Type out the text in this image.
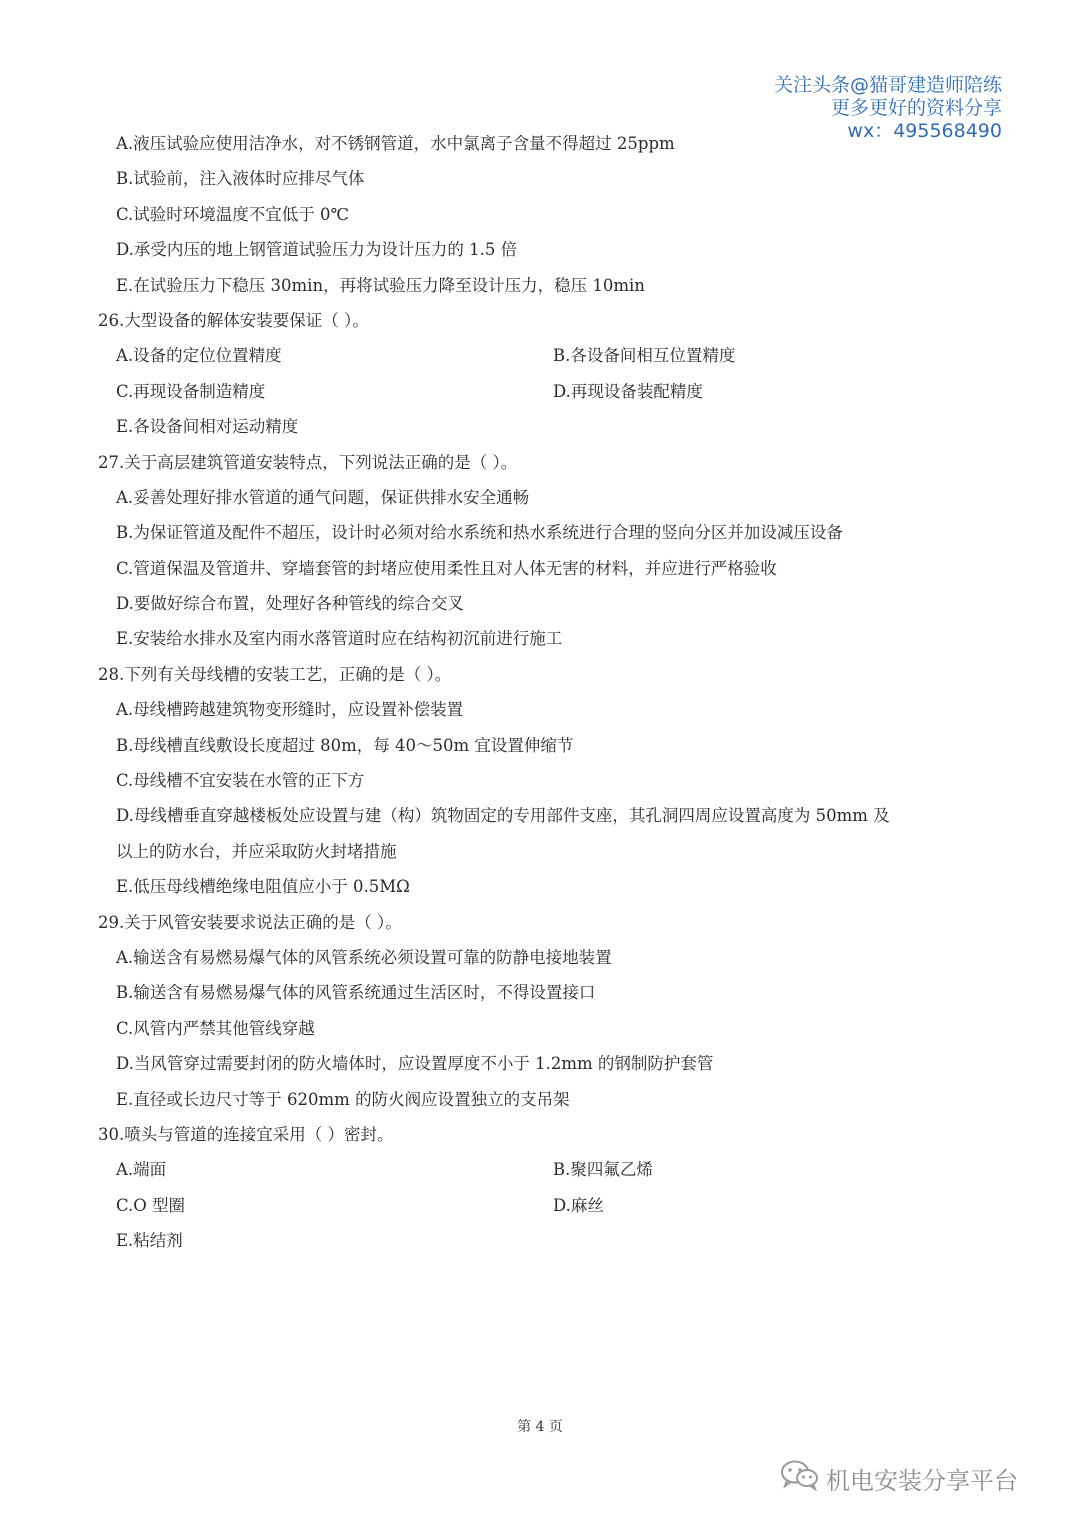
关注头条@猫哥建造师陪练
更多更好的资料分享
wx：495568490
A.液压试验应使用洁净水，对不锈钢管道，水中氯离子含量不得超过 25ppm
B.试验前，注入液体时应排尽气体
C.试验时环境温度不宜低于 0℃
D.承受内压的地上钢管道试验压力为设计压力的 1.5 倍
E.在试验压力下稳压 30min，再将试验压力降至设计压力，稳压 10min
26.大型设备的解体安装要保证（ ）。
A.设备的定位位置精度	B.各设备间相互位置精度
C.再现设备制造精度	D.再现设备装配精度
E.各设备间相对运动精度
27.关于高层建筑管道安装特点，下列说法正确的是（ ）。
A.妥善处理好排水管道的通气问题，保证供排水安全通畅
B.为保证管道及配件不超压，设计时必须对给水系统和热水系统进行合理的竖向分区并加设减压设备
C.管道保温及管道井、穿墙套管的封堵应使用柔性且对人体无害的材料，并应进行严格验收
D.要做好综合布置，处理好各种管线的综合交叉
E.安装给水排水及室内雨水落管道时应在结构初沉前进行施工
28.下列有关母线槽的安装工艺，正确的是（ ）。
A.母线槽跨越建筑物变形缝时，应设置补偿装置
B.母线槽直线敷设长度超过 80m，每 40～50m 宜设置伸缩节
C.母线槽不宜安装在水管的正下方
D.母线槽垂直穿越楼板处应设置与建（构）筑物固定的专用部件支座，其孔洞四周应设置高度为 50mm 及
以上的防水台，并应采取防火封堵措施
E.低压母线槽绝缘电阻值应小于 0.5MΩ
29.关于风管安装要求说法正确的是（ ）。
A.输送含有易燃易爆气体的风管系统必须设置可靠的防静电接地装置
B.输送含有易燃易爆气体的风管系统通过生活区时，不得设置接口
C.风管内严禁其他管线穿越
D.当风管穿过需要封闭的防火墙体时，应设置厚度不小于 1.2mm 的钢制防护套管
E.直径或长边尺寸等于 620mm 的防火阀应设置独立的支吊架
30.喷头与管道的连接宜采用（ ）密封。
A.端面	B.聚四氟乙烯
C.O 型圈	D.麻丝
E.粘结剂
第 4 页
机电安装分享平台
